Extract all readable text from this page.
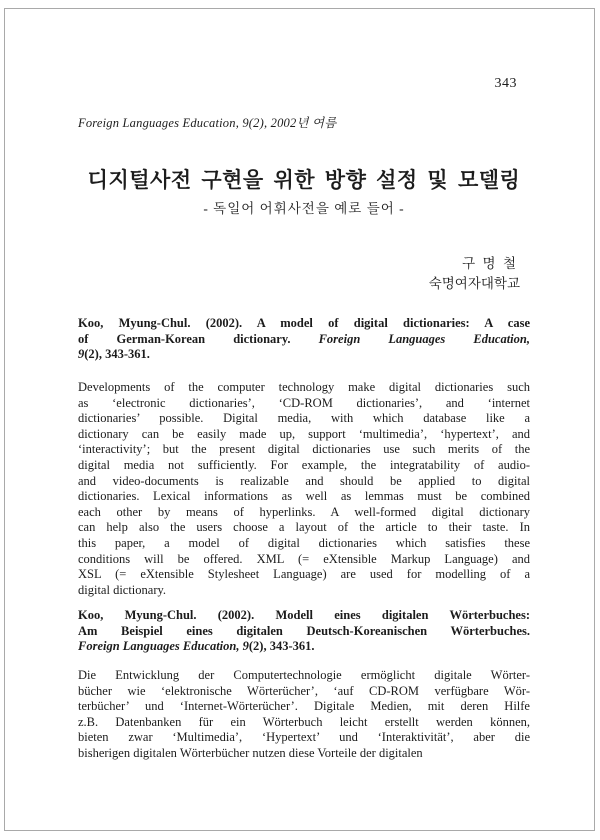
343
Foreign Languages Education, 9(2), 2002년 여름
디지털사전 구현을 위한 방향 설정 및 모델링
- 독일어 어휘사전을 예로 들어 -
구 명 철
숙명여자대학교
Koo, Myung-Chul. (2002). A model of digital dictionaries: A case
of German-Korean dictionary. Foreign Languages Education,
9(2), 343-361.
Developments of the computer technology make digital dictionaries such
as ‘electronic dictionaries’, ‘CD-ROM dictionaries’, and ‘internet
dictionaries’ possible. Digital media, with which database like a
dictionary can be easily made up, support ‘multimedia’, ‘hypertext’, and
‘interactivity’; but the present digital dictionaries use such merits of the
digital media not sufficiently. For example, the integratability of audio-
and video-documents is realizable and should be applied to digital
dictionaries. Lexical informations as well as lemmas must be combined
each other by means of hyperlinks. A well-formed digital dictionary
can help also the users choose a layout of the article to their taste. In
this paper, a model of digital dictionaries which satisfies these
conditions will be offered. XML (= eXtensible Markup Language) and
XSL (= eXtensible Stylesheet Language) are used for modelling of a
digital dictionary.
Koo, Myung-Chul. (2002). Modell eines digitalen Wörterbuches:
Am Beispiel eines digitalen Deutsch-Koreanischen Wörterbuches.
Foreign Languages Education, 9(2), 343-361.
Die Entwicklung der Computertechnologie ermöglicht digitale Wörter-
bücher wie ‘elektronische Wörterücher’, ‘auf CD-ROM verfügbare Wör-
terbücher’ und ‘Internet-Wörterücher’. Digitale Medien, mit deren Hilfe
z.B. Datenbanken für ein Wörterbuch leicht erstellt werden können,
bieten zwar ‘Multimedia’, ‘Hypertext’ und ‘Interaktivität’, aber die
bisherigen digitalen Wörterbücher nutzen diese Vorteile der digitalen
